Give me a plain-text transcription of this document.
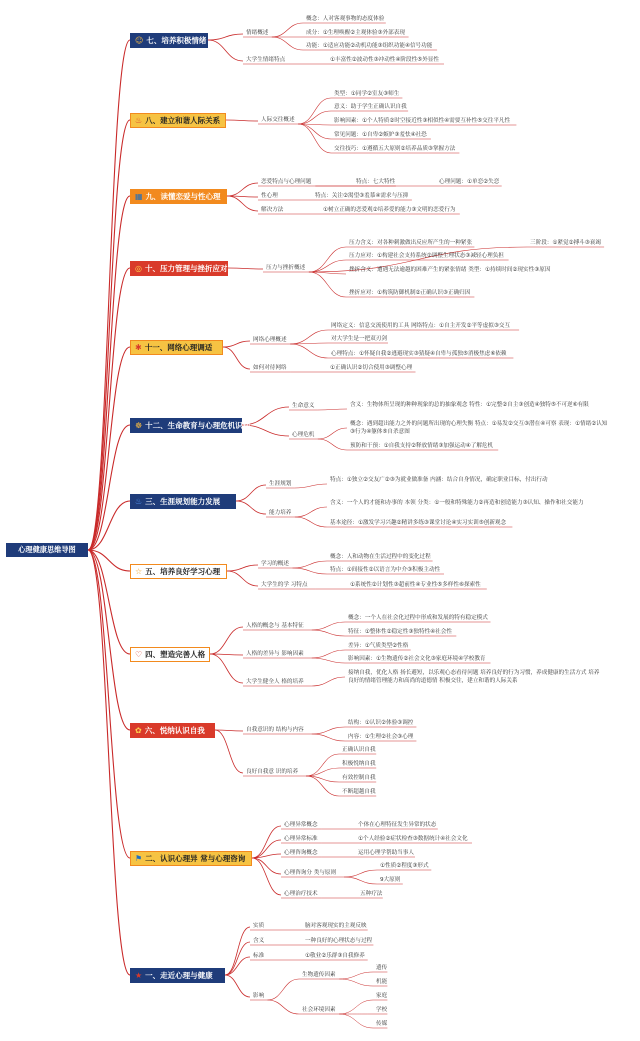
心理健康思维导图
☺ 七、培养积极情绪
情绪概述
概念：人对客观事物的态度体验
成分：①生理唤醒②主观体验③外部表现
功能：①适应功能②动机功能③组织功能④信号功能
大学生情绪特点	①丰富性②波动性③冲动性④阶段性⑤外显性
♨ 八、建立和谐人际关系	人际交往概述
类型：①同学②室友③师生
意义：助于学生正确认识自我
影响因素：①个人特质②时空接近性③相似性④需要互补性⑤交往平凡性
常见问题：①自卑②嫉妒③羞怯④社恐
交往技巧：①遵循五大原则②培养品质③掌握方法
▦ 九、读懂恋爱与性心理
恋爱特点与心理问题	特点：七大特性	心理问题：①单恋②失恋
性心理	特点：关注②渴望③羞慕④需求与压抑
解决方法	①树立正确的恋爱观②培养爱的能力③文明的恋爱行为
◎ 十、压力管理与挫折应对	压力与挫折概述
压力含义：对各种刺激做出反应所产生的一种紧张	三阶段：①紧觉②搏斗③衰竭
压力应对：①构建社会支持系统②调整生理状态③减轻心理负担
挫折含义：遭遇无法逾越的困难产生的紧张情绪 类型：①持续时间②现实性③原因
挫折应对：①构筑防御机制②正确认识③正确归因
✱ 十一、网络心理调适
网络心理概述
网络定义：信息交流使用的工具 网络特点：①自主开发②平等虚拟③交互
对大学生是一把双刃剑
心理特点：①怀疑自我②逃避现实③猜疑④自卑与孤独⑤消极焦虑⑥依赖
如何对待网络	①正确认识②切合使用③调整心理
☸ 十二、生命教育与心理危机识别
生命意义	含义：生物体所呈现的种种现象的总的抽象观念 特性：①完整②自主③创造④独特⑤不可逆⑥有限
心理危机
概念：遇到超出能力之外的问题所出现的心理失衡 特点：①易发②交互③潜在④可察 表现：①情绪②认知③行为④躯体⑤自杀意图
预防和干预：①自我支持②释放情绪③加强运动④了解危机
♨ 三、生涯规划能力发展
生涯规划
特点：①独立②交友广②③为就业做准备 内涵：结合自身情况，确定职业目标，付出行动
能力培养
含义：一个人的才能和办事的 本领 分类：①一般和特殊能力②再造和创造能力③认知、操作和社交能力
基本途径：①激发学习兴趣②精讲多练③课堂讨论④实习实训⑤创新观念
☆ 五、培养良好学习心理
学习的概述
概念：人和动物在生活过程中的变化过程
特点：①间接性②以语言为中介③积极主动性
大学生的学 习特点	①系统性②计划性③超前性④专业性⑤多样性⑥探索性
♡ 四、塑造完善人格
人格的概念与 基本特征
概念：一个人在社会化过程中形成和发展的特有稳定模式
特征：①整体性②稳定性③独特性④社会性
人格的差异与 影响因素
差异：①气质类型②性格
影响因素：①生物遗传②社会文化③家庭环境④学校教育
大学生健全人 格的培养
接纳自我，优化人格 扬长避短，以乐观心态看待问题 培养良好的行为习惯，养成健康的生活方式 培养良好的情绪管理能力和高尚的道德情 积极交往，建立和谐的人际关系
✿ 六、悦纳认识自我	自我意识的 结构与内容
结构：①认识②体验③调控
内容：①生理②社会③心理
良好自我意 识的培养
正确认识自我
积极悦纳自我
有效控制自我
不断超越自我
⚑ 二、认识心理异 常与心理咨询
心理异常概念	个体在心理特征发生异常的状态
心理异常标准	①个人经验②症状检查③数据统计④社会文化
心理咨询概念	运用心理学帮助当事人
心理咨询分 类与原则
①性质②程度③形式
9大原则
心理治疗技术	五种疗法
★ 一、走近心理与健康
实质	脑对客观现实的主观反映
含义	一种良好的心理状态与过程
标准	①敬业②乐群③自我修养
影响
生物遗传因素
遗传
机能
社会环境因素
家庭
学校
传媒
